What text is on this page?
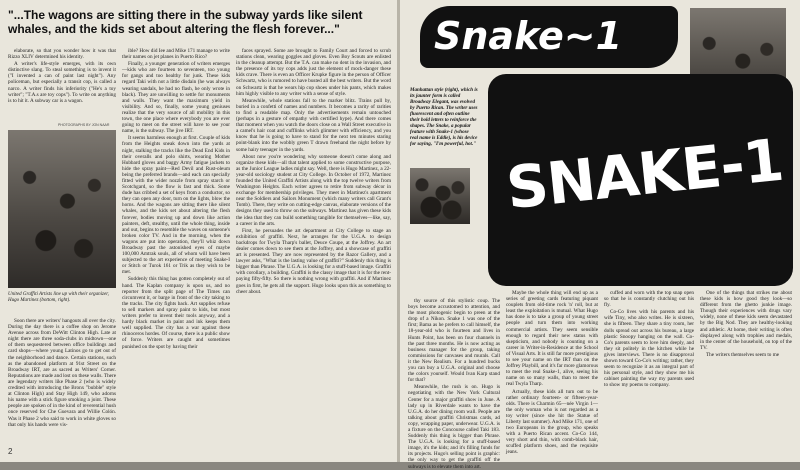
"...The wagons are sitting there in the subway yards like silent whales, and the kids set about altering the flesh forever..."

elaborate, so that you wonder how it was that Rizzo XLIV determined his identity.

A writer's life-style emerges, with its own distinctive slang. To steal something is to invent it ("I invented a can of paint last night"). Any policeman, but especially a transit cop, is called a narco. A writer finds his inferiority ("He's a toy writer"; "T.A.s are toy cops"). To write on anything is to hit it. A subway car is a wagon.

PHOTOGRAPHS BY JON NAAR
United Graffiti Artists line up with their organizer, Hugo Martinez (bottom, right).

Soon there are writers' hangouts all over the city. During the day there is a coffee shop on Jerome Avenue across from DeWitt Clinton High. Late at night there are three soda-clubs in midtown—one of them sequestered between office buildings and card shops—where young Latinos go to get out of the neighborhood and dance. Certain stations, such as the abandoned platform at 91st Street on the Broadway IRT, are as sacred as Writers' Corner. Reputations are made and lost on these walls. There are legendary writers like Phase 2 (who is widely credited with introducing the Bronx "bubble" style at Clinton High) and Stay High 149, who adorns his name with a stick figure smoking a joint. These people are spoken of in the kind of reverential hush once reserved for Che Guevara and Willie Colón. Was it Phase 2 who said to work in white gloves so that only his hands were vis-

ible? How did Iee and Mike 171 manage to write their names on jet planes in Puerto Rico?

Finally, a younger generation of writers emerges—kids who are fourteen to seventeen, too young for gangs and too healthy for junk. These kids regard Taki with not a little disdain (he was always wearing sandals, he had no flash, he only wrote in black). They are unwilling to settle for monuments and walls. They want the maximum yield in visibility. And so, finally, some young geniuses realize that the very source of all mobility in this town, the one place where everybody you are ever going to meet on the street will have to see your name, is the subway. The jive IRT.

It seems harmless enough at first. Couple of kids from the Heights sneak down into the yards at night, stalking the tracks like the Dead End Kids in their overalls and polo shirts, wearing Mother Hubbard gloves and baggy Army fatigue jackets to hide the spray paint—Red Devil and Rust-oleum being the preferred brands—and each can specially fitted with the wider nozzle from spray starch or Scotchgard, so the flow is fast and thick. Some dude has cribbed a set of keys from a conductor, so they can open any door, turn on the lights, blow the horns. And the wagons are sitting there like silent whales, and the kids set about altering the flesh forever, bodies moving up and down like action painters, deft, stealthy, until the whole thing, inside and out, begins to resemble the waves on someone's broken color TV. And in the morning, when the wagons are put into operation, they'll whiz down Broadway past the astonished eyes of maybe 100,000 Amtrak souls, all of whom will have been subjected to the art experience of meeting Snake-I or Stitch or Turok 161 or Trik as they wish to be met.

Suddenly this thing has gotten completely out of hand. The Kaplan company is upon us, and no reporter from the split page of The Times can circumvent it, or barge in front of the city taking to the tracks. The city fights back. Art supplies refuse to sell markers and spray paint to kids, but most writers prefer to invent their tools anyway, and a hardy black market in paint and ink keeps them well supplied. The city has a war against these rhinoceros hordes. Of course, there is a public show of force. Writers are caught and sometimes punished on the spot by having their

faces sprayed. Some are brought to Family Court and forced to scrub stations clean, wearing goggles and gloves. Even Boy Scouts are enlisted in the cleanup attempt. But the T.A. can make no dent in the invasion, and the presence of its toy cops adds just the element of mock-danger these kids crave. There is even an Officer Krupke figure in the person of Officer Schwartz, who is rumored to have busted all the best writers. But the word on Schwartz is that he wears hip cop shoes under his pants, which makes him highly visible to any writer with a sense of style.

Meanwhile, whole stations fall to the marker blitz. Trains pull by, buried in a confetti of names and numbers. It becomes a rarity of rarities to find a readable map. Only the advertisements remain untouched (perhaps in a gesture of empathy with certified hype). And there comes that moment when you watch the doors close on a Wall Street executive in a camel's hair coat and cufflinks which glimmer with efficiency, and you know that he is going to have to stand for the next ten minutes staring point-blank into the wobbly green T drawn freehand the night before by some hairy teenager in the yards.

About now you're wondering why someone doesn't come along and organize these kids—all that talent applied to some constructive purpose, as the Junior League ladies might say. Well, there is Hugo Martinez, a 22-year-old sociology student at City College. In October of 1972, Martinez founded the United Graffiti Artists along with the top twelve writers from Washington Heights. Each writer agrees to retire from subway décor in exchange for membership privileges. They meet in Martinez's apartment near the Soldiers and Sailors Monument (which many writers call Grant's Tomb). There, they write on cutting-edge canvas, elaborate versions of the designs they used to throw on the subways. Martinez has given these kids the idea that they can build something tangible for themselves—like, say, a career in the arts.

First, he persuades the art department at City College to stage an exhibition of graffiti. Next, he arranges for the U.G.A. to design backdrops for Twyla Tharp's ballet, Deuce Coupe, at the Joffrey. An art dealer comes down to see them at the Joffrey, and a showcase of graffiti art is presented. They are now represented by the Razor Gallery, and a lawyer asks, "What is the lasting value of graffiti?" Suddenly this thing is bigger than Phrase. The U.G.A. is looking for a stuff-based image. Graffiti with corollary, a building. Graffiti is the classy image that it is for the rent-paying fifty-fifty. So there is nothing wrong with graffiti. And if Martinez goes in first, he gets all the support. Hugo looks upon this as something to cheer about.

2
Snake~1
Manhattan style (right), which is its jaunter form is called Broadway Elegant, was evolved by Puerto Rican. The writer uses fluorescent and often outline their bold letters to reinforce the shapes. The Snake, a popular feature with Snake-1 (whose real name is Eddie), is his device for saying, "I'm powerful, hot." SNAKE-1

thy source of this stylistic coup. The boys become accustomed to attention, and the most photogenic begin to preen at the drop of a Nikon. Snake 1 was one of the first; Bama as he prefers to call himself, the 18-year-old who is fourteen and lives in Hunts Point, has been on four channels in the past three months. He is now acting as business manager for the group, taking commissions for canvases and murals. Call it the New Realism. For a hundred bucks you can buy a U.G.A. original and choose the colors yourself. Would Ivan Karp stand for that?

Meanwhile, the rush is on. Hugo is negotiating with the New York Cultural Center for a major graffiti show in June. A lady up in Riverdale wants to have the U.G.A. do her dining room wall. People are talking about graffiti Christmas cards, ad copy, wrapping paper, underwear. U.G.A. is a fixture on the Concourse called Taki 183. Suddenly this thing is bigger than Phrase. The U.G.A. is looking for a stuff-based image, it's the kids; and it's filling funds for its projects. Hugo's selling point is graphic: the only way to get the graffiti off the subways is to elevate them into art.

Maybe the whole thing will end up as a series of greeting cards featuring piquant couplets from old-time rock 'n' roll, but at least the exploitation is mutual. What Hugo has done is to take a group of young street people and turn them into working commercial artists. They seem sensible enough to regard their new status with skepticism, and nobody is counting on a career in Writer-in-Residence at the School of Visual Arts. It is still far more prestigious to see your name on the IRT than on the Joffrey Playbill, and it's far more glamorous to meet the real Snake-1, alive, seeing his name on so many walls, than to meet the real Twyla Tharp.

Actually, these kids all turn out to be rather ordinary fourteen- or fifteen-year-olds. There is Charmin 65—née Virgin 1—the only woman who is not regarded as a toy writer (since she hit the Statue of Liberty last summer). And Mike 171, one of two Europeans in the group, who speaks with a Puerto Rican accent. Co-Co 144, very short and thin, with comb-black hair, scuffed platform shoes, and the requisite jeans.

cuffed and worn with the top snap open so that he is constantly clutching out his fly.

Co-Co lives with his parents and his wife Tiny, who also writes. He is sixteen, she is fifteen. They share a tiny room, her dolls spread out across his bureau, a large plastic Snoopy hanging on the wall. Co-Co's parents seem to love him deeply, and they sit politely in the kitchen while he gives interviews. There is no disapproval shown toward Co-Co's writing; rather, they seem to recognize it as an integral part of his personal style, and they show me his cabinet painting the way my parents used to show my poems to company.

One of the things that strikes me about these kids is how good they look—so different from the ghetto junkie image. Though their experiences with drugs vary widely, none of these kids seem devastated by the Big Nod. They are healthy-looking and athletic. At home, their writing is often displayed along with trophies and medals, in the center of the household, on top of the TV.

The writers themselves seem to me
